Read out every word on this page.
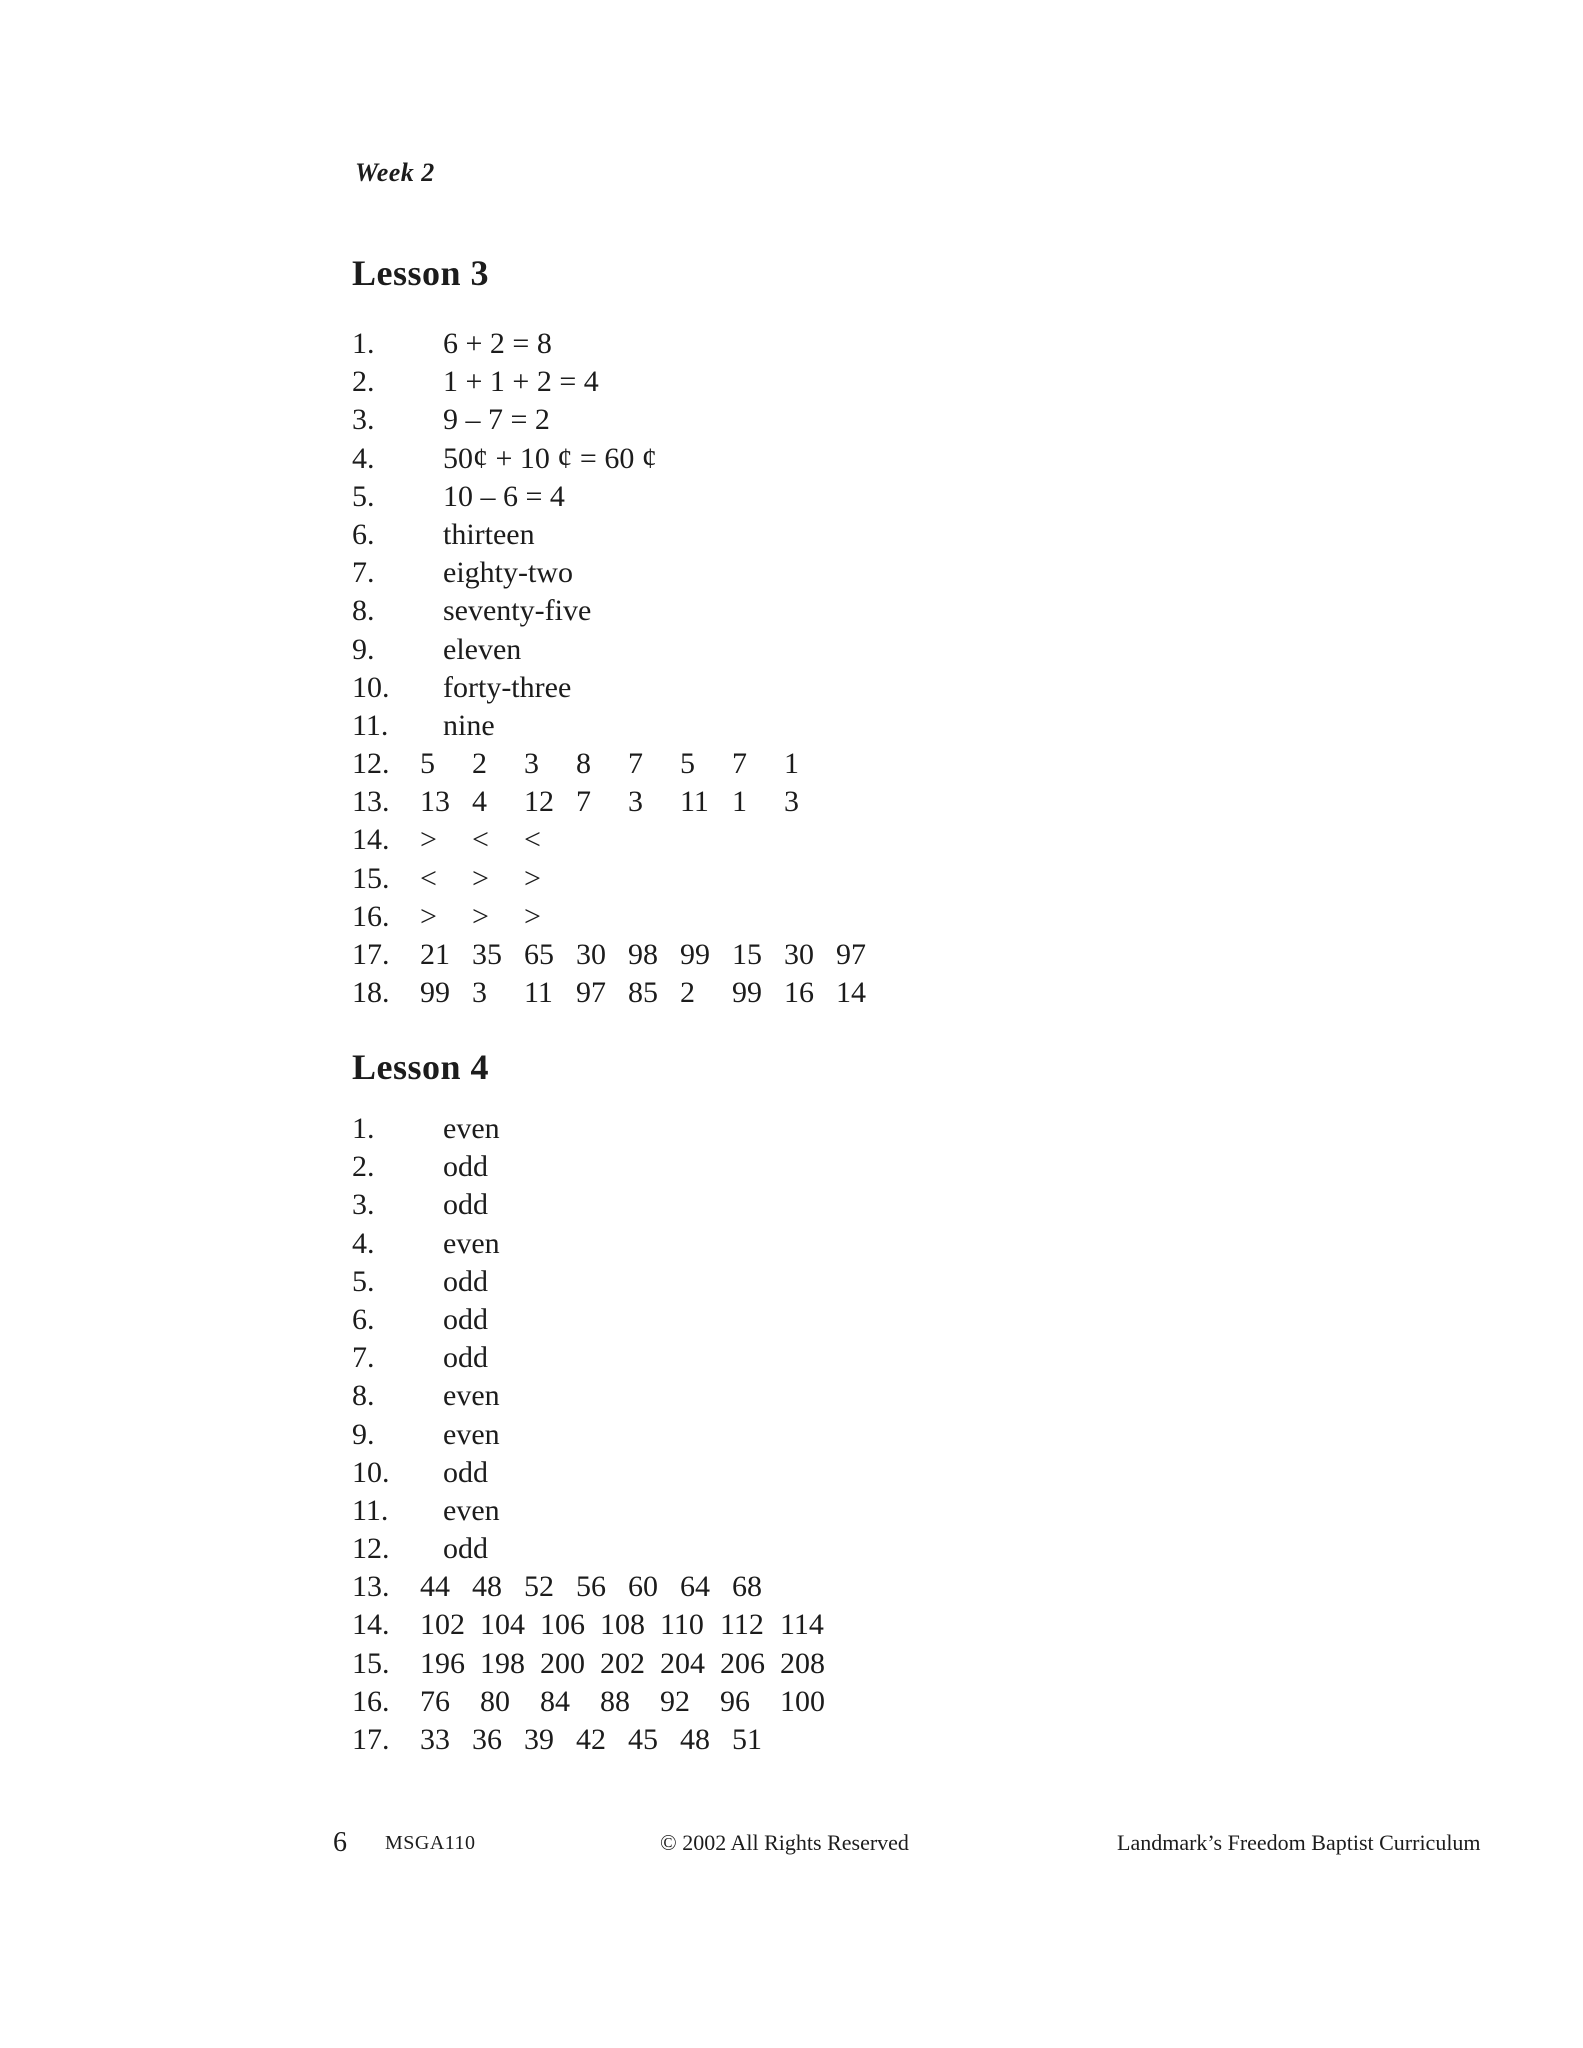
Week 2
Lesson 3
1.	6 + 2 = 8
2.	1 + 1 + 2 = 4
3.	9 – 7 = 2
4.	50¢ + 10 ¢ = 60 ¢
5.	10 – 6 = 4
6.	thirteen
7.	eighty-two
8.	seventy-five
9.	eleven
10.	forty-three
11.	nine
12.	5	2	3	8	7	5	7	1
13.	13 4	12 7	3	11 1	3
14.	>	<	<
15.	<	>	>
16.	>	>	>
17.	21 35 65 30 98 99 15 30 97
18.	99 3	11 97 85 2	99 16 14
Lesson 4
1.	even
2.	odd
3.	odd
4.	even
5.	odd
6.	odd
7.	odd
8.	even
9.	even
10.	odd
11.	even
12.	odd
13.	44 48 52 56 60 64 68
14.	102 104 106 108 110 112 114
15.	196 198 200 202 204 206 208
16.	76	80	84	88	92	96	100
17.	33 36 39 42 45 48 51
6 MSGA110	© 2002 All Rights Reserved	Landmark’s Freedom Baptist Curriculum
